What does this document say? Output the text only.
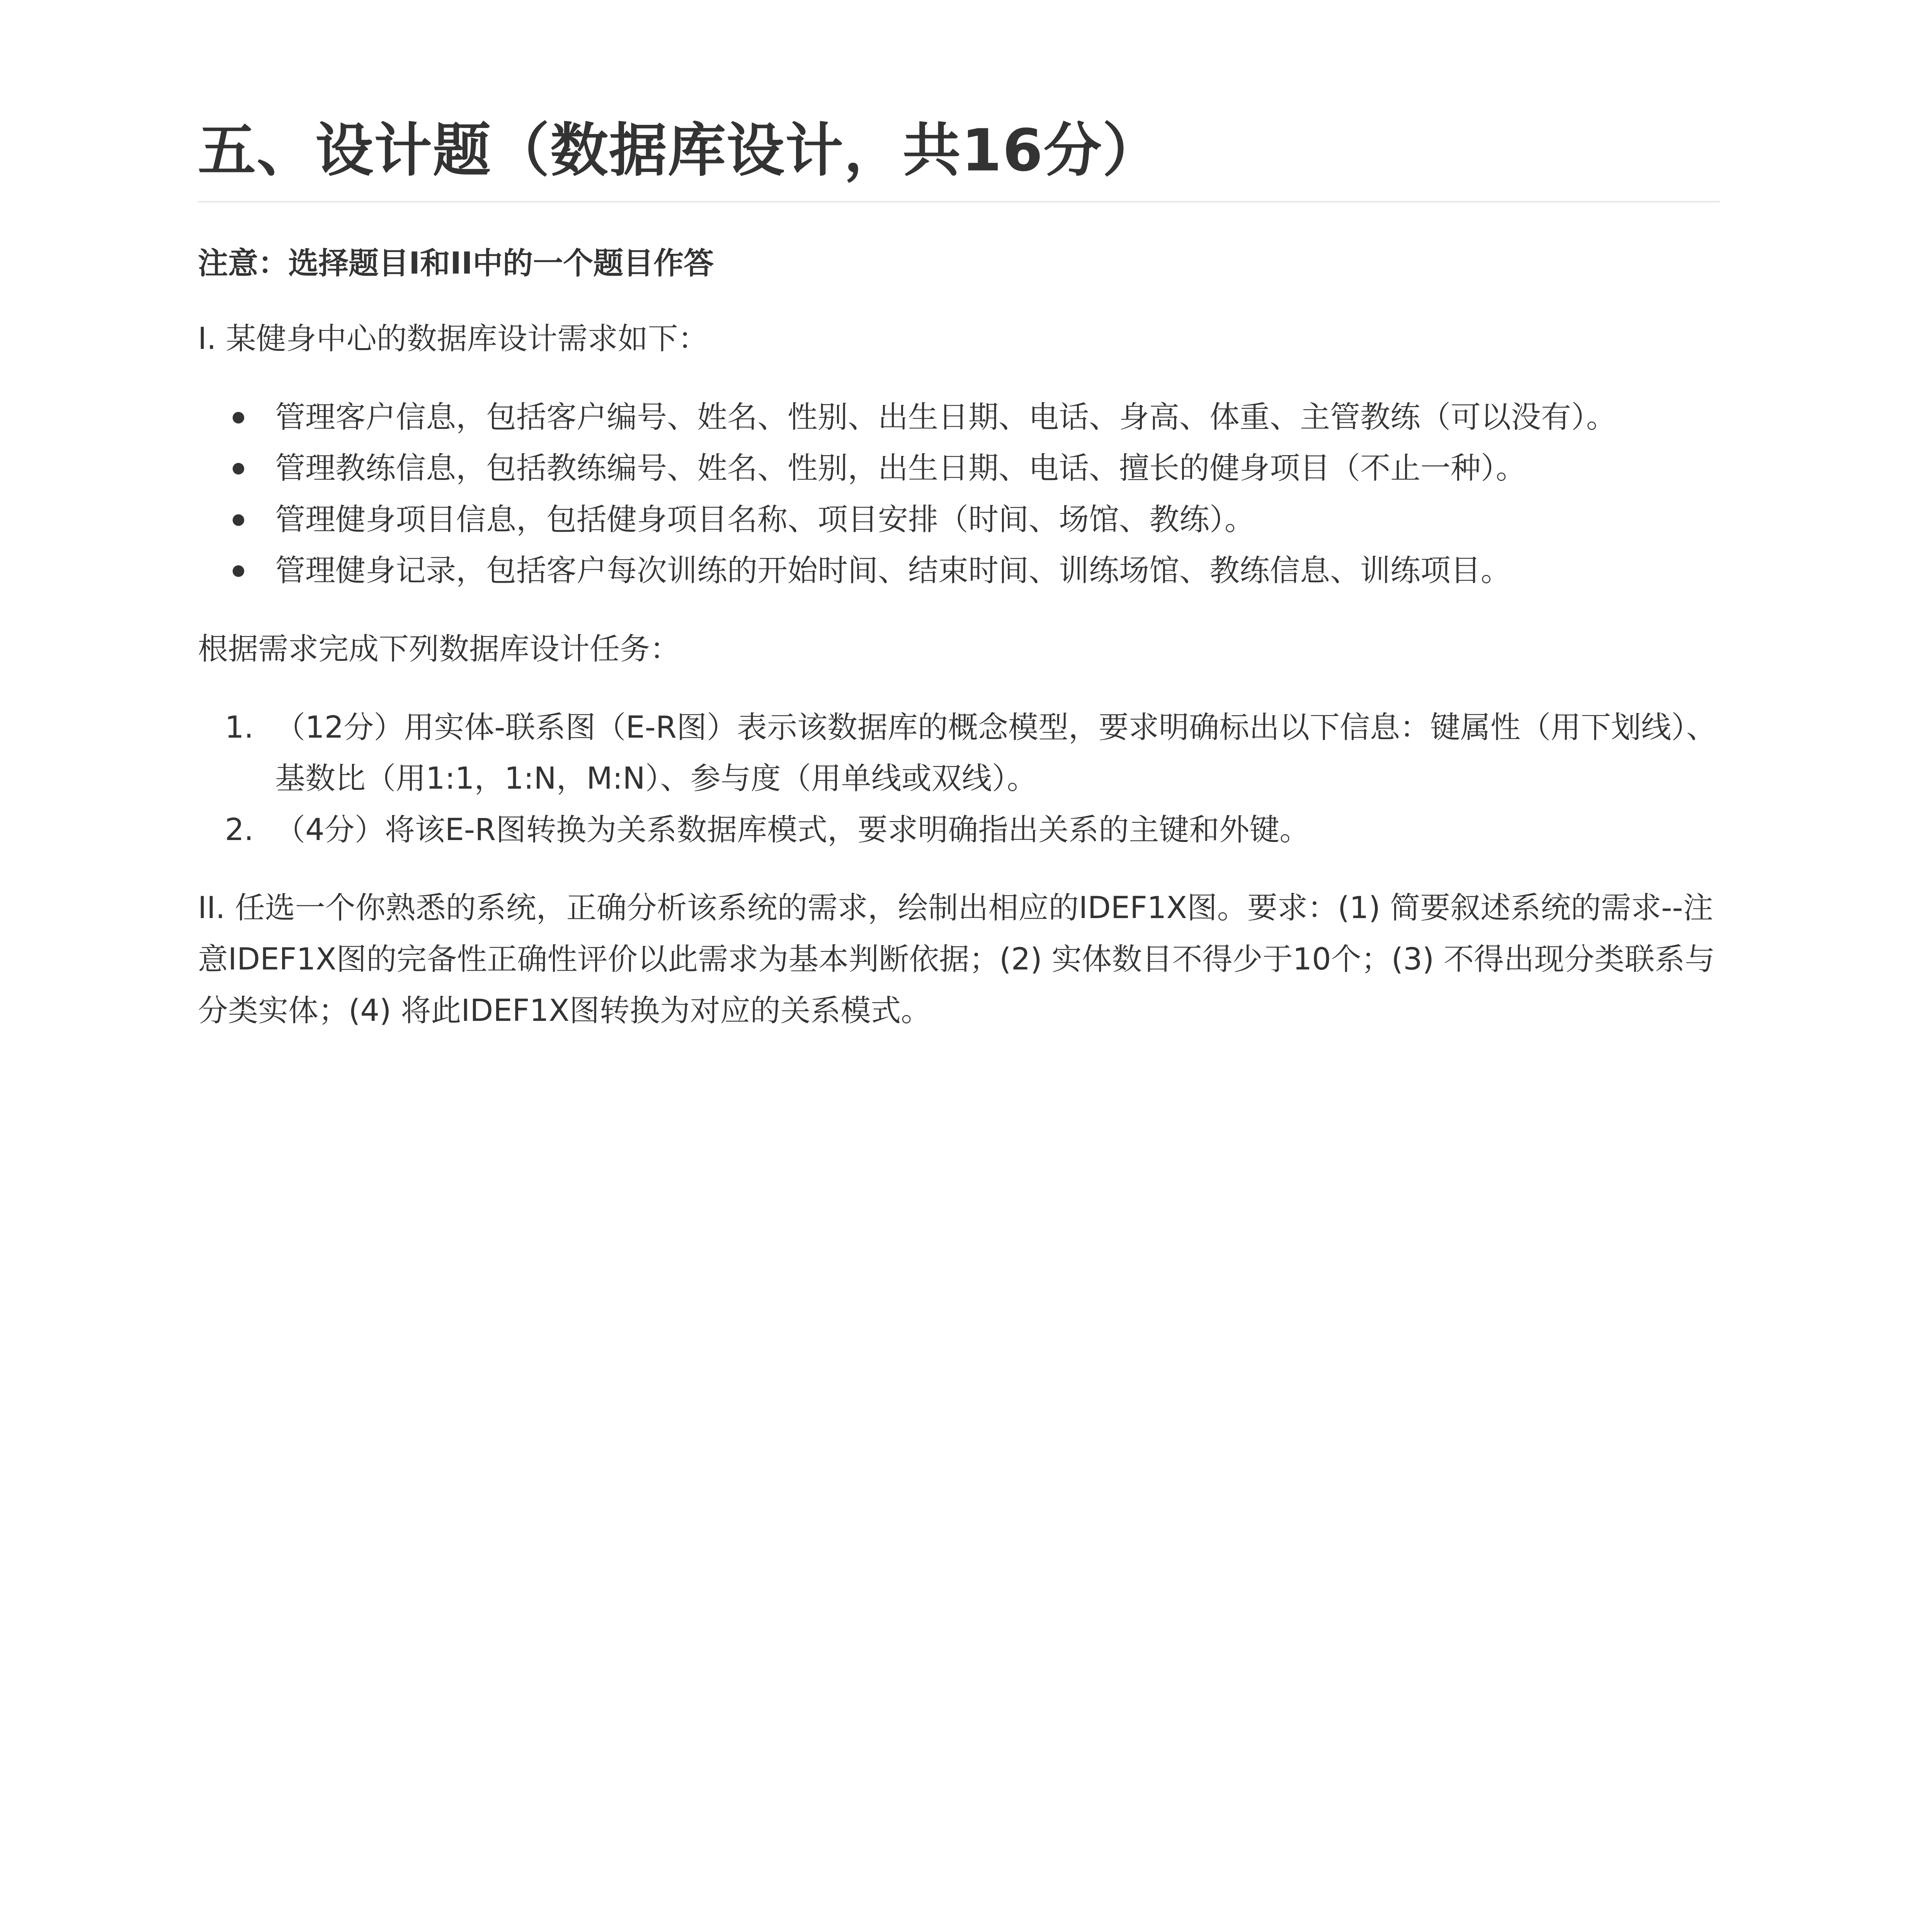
五、设计题（数据库设计，共16分）

注意：选择题目I和II中的一个题目作答

I. 某健身中心的数据库设计需求如下：

管理客户信息，包括客户编号、姓名、性别、出生日期、电话、身高、体重、主管教练（可以没有）。
管理教练信息，包括教练编号、姓名、性别，出生日期、电话、擅长的健身项目（不止一种）。
管理健身项目信息，包括健身项目名称、项目安排（时间、场馆、教练）。
管理健身记录，包括客户每次训练的开始时间、结束时间、训练场馆、教练信息、训练项目。

根据需求完成下列数据库设计任务：

1. （12分）用实体-联系图（E-R图）表示该数据库的概念模型，要求明确标出以下信息：键属性（用下划线）、基数比（用1:1，1:N，M:N）、参与度（用单线或双线）。
2. （4分）将该E-R图转换为关系数据库模式，要求明确指出关系的主键和外键。

II. 任选一个你熟悉的系统，正确分析该系统的需求，绘制出相应的IDEF1X图。要求：(1) 简要叙述系统的需求--注意IDEF1X图的完备性正确性评价以此需求为基本判断依据；(2) 实体数目不得少于10个；(3) 不得出现分类联系与分类实体；(4) 将此IDEF1X图转换为对应的关系模式。
